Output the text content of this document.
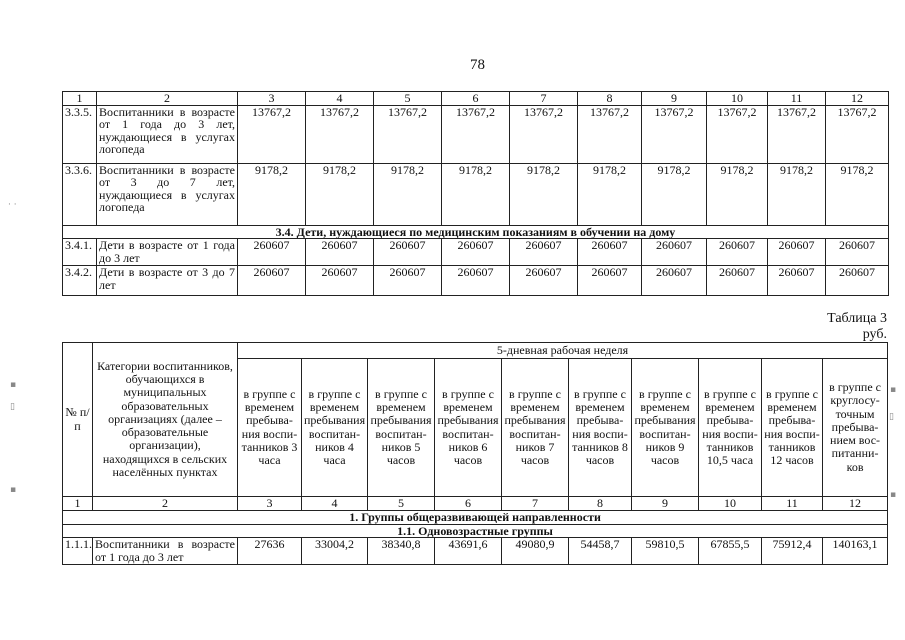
78
1	2	3	4	5	6	7	8	9	10	11	12
3.3.5.	Воспитанники в возрасте от 1 года до 3 лет, нуждающиеся в услугах логопеда	13767,2	13767,2	13767,2	13767,2	13767,2	13767,2	13767,2	13767,2	13767,2	13767,2
3.3.6.	Воспитанники в возрасте от 3 до 7 лет, нуждающиеся в услугах логопеда	9178,2	9178,2	9178,2	9178,2	9178,2	9178,2	9178,2	9178,2	9178,2	9178,2
3.4. Дети, нуждающиеся по медицинским показаниям в обучении на дому											
3.4.1.	Дети в возрасте от 1 года до 3 лет	260607	260607	260607	260607	260607	260607	260607	260607	260607	260607
3.4.2.	Дети в возрасте от 3 до 7 лет	260607	260607	260607	260607	260607	260607	260607	260607	260607	260607
Таблица 3
руб.
№ п/п	Категории воспитанников, обучающихся в муниципальных образовательных организациях (далее – образовательные организации), находящихся в сельских населённых пунктах	5-дневная рабочая неделя									
		в группе с временем пребыва-ния воспи-танников 3 часа	в группе с временем пребывания воспитан-ников 4 часа	в группе с временем пребывания воспитан-ников 5 часов	в группе с временем пребывания воспитан-ников 6 часов	в группе с временем пребывания воспитан-ников 7 часов	в группе с временем пребыва-ния воспи-танников 8 часов	в группе с временем пребывания воспитан-ников 9 часов	в группе с временем пребыва-ния воспи-танников 10,5 часа	в группе с временем пребыва-ния воспи-танников 12 часов	в группе с круглосу-точным пребыва-нием вос-питанни-ков
1	2	3	4	5	6	7	8	9	10	11	12
1. Группы общеразвивающей направленности											
1.1. Одновозрастные группы											
1.1.1.	Воспитанники в возрасте от 1 года до 3 лет	27636	33004,2	38340,8	43691,6	49080,9	54458,7	59810,5	67855,5	75912,4	140163,1
· ·
▪
▯
▪
▪
▯
▪
